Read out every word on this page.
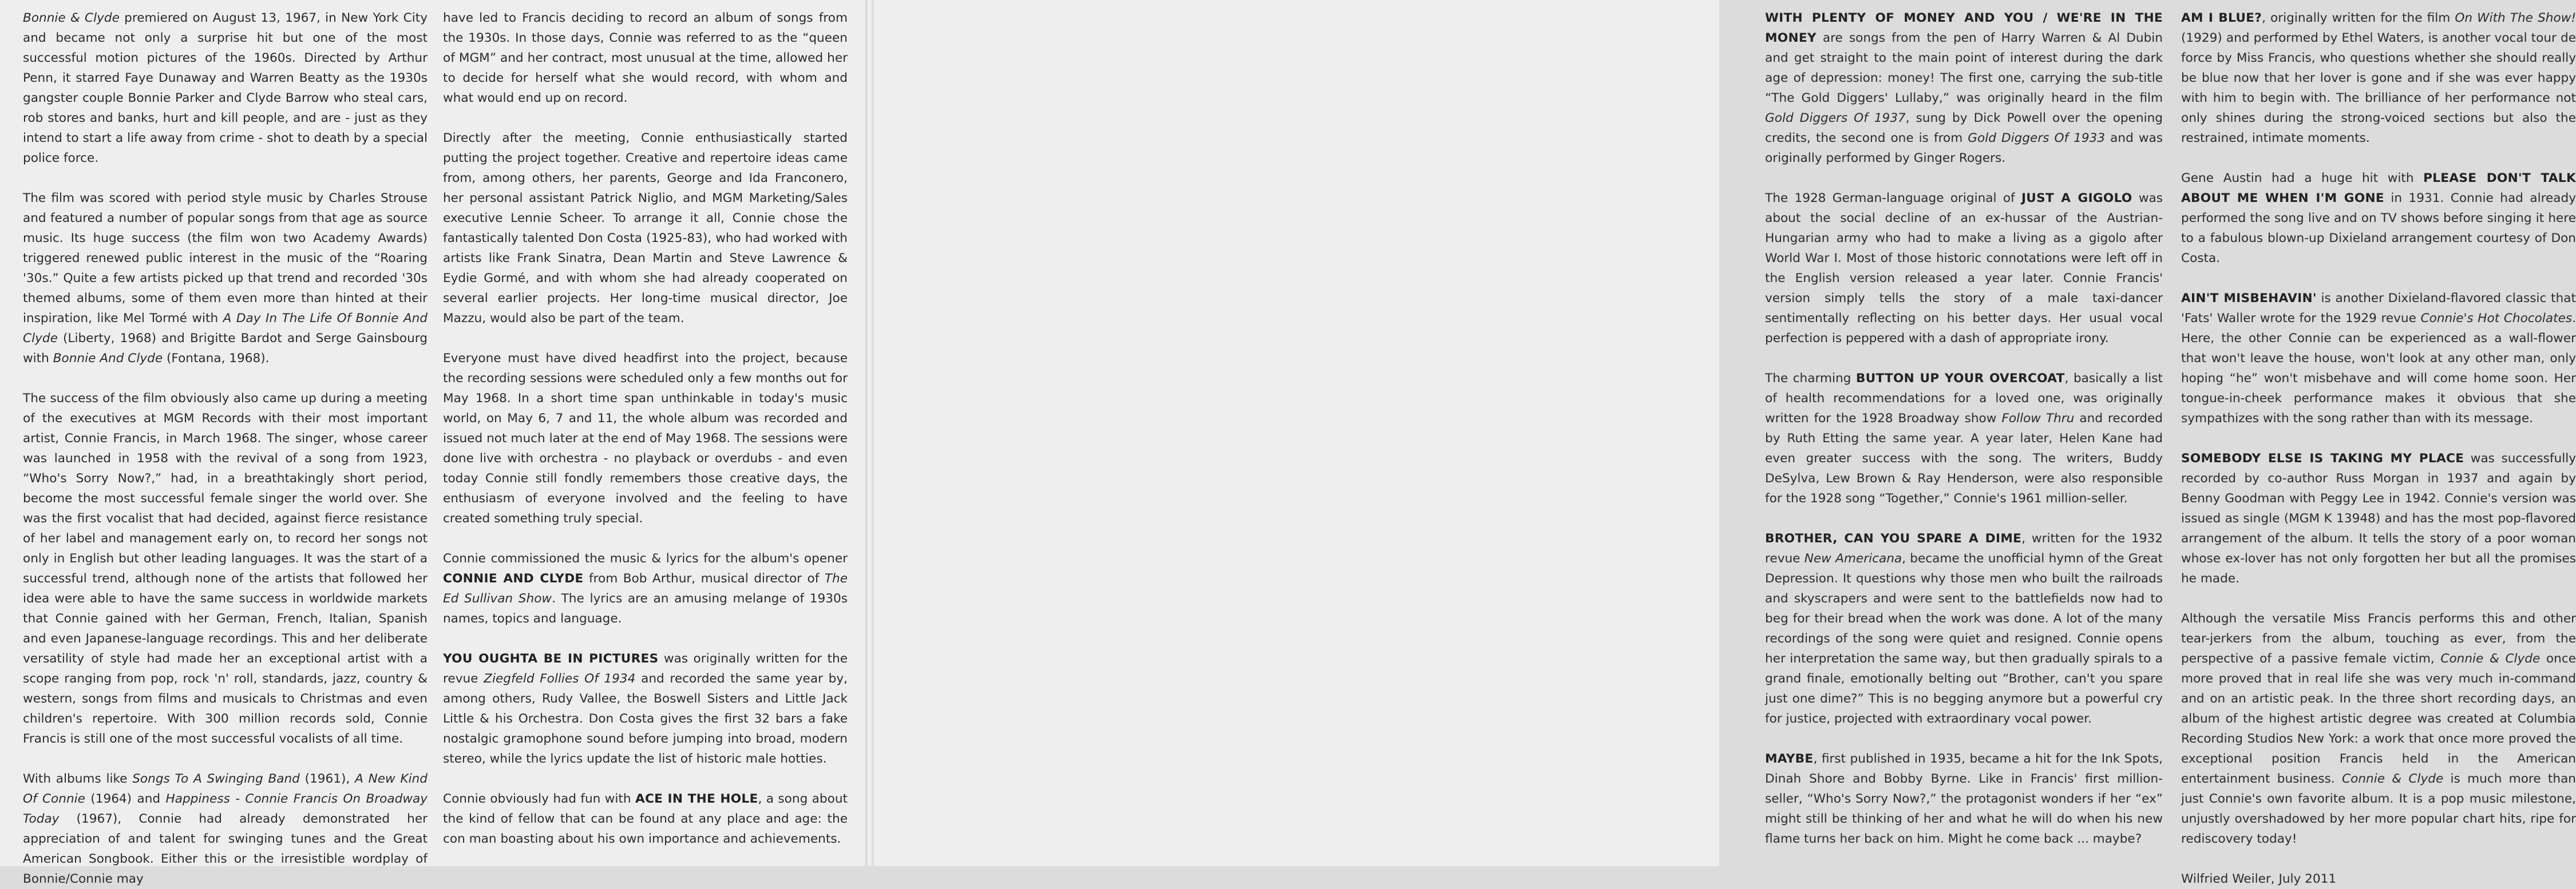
Bonnie & Clyde premiered on August 13, 1967, in New York City and became not only a surprise hit but one of the most successful motion pictures of the 1960s. Directed by Arthur Penn, it starred Faye Dunaway and Warren Beatty as the 1930s gangster couple Bonnie Parker and Clyde Barrow who steal cars, rob stores and banks, hurt and kill people, and are - just as they intend to start a life away from crime - shot to death by a special police force.

The film was scored with period style music by Charles Strouse and featured a number of popular songs from that age as source music. Its huge success (the film won two Academy Awards) triggered renewed public interest in the music of the “Roaring '30s.” Quite a few artists picked up that trend and recorded '30s themed albums, some of them even more than hinted at their inspiration, like Mel Tormé with A Day In The Life Of Bonnie And Clyde (Liberty, 1968) and Brigitte Bardot and Serge Gainsbourg with Bonnie And Clyde (Fontana, 1968).

The success of the film obviously also came up during a meeting of the executives at MGM Records with their most important artist, Connie Francis, in March 1968. The singer, whose career was launched in 1958 with the revival of a song from 1923, “Who's Sorry Now?,” had, in a breathtakingly short period, become the most successful female singer the world over. She was the first vocalist that had decided, against fierce resistance of her label and management early on, to record her songs not only in English but other leading languages. It was the start of a successful trend, although none of the artists that followed her idea were able to have the same success in worldwide markets that Connie gained with her German, French, Italian, Spanish and even Japanese-language recordings. This and her deliberate versatility of style had made her an exceptional artist with a scope ranging from pop, rock 'n' roll, standards, jazz, country & western, songs from films and musicals to Christmas and even children's repertoire. With 300 million records sold, Connie Francis is still one of the most successful vocalists of all time.

With albums like Songs To A Swinging Band (1961), A New Kind Of Connie (1964) and Happiness - Connie Francis On Broadway Today (1967), Connie had already demonstrated her appreciation of and talent for swinging tunes and the Great American Songbook. Either this or the irresistible wordplay of Bonnie/Connie may

have led to Francis deciding to record an album of songs from the 1930s. In those days, Connie was referred to as the “queen of MGM” and her contract, most unusual at the time, allowed her to decide for herself what she would record, with whom and what would end up on record.

Directly after the meeting, Connie enthusiastically started putting the project together. Creative and repertoire ideas came from, among others, her parents, George and Ida Franconero, her personal assistant Patrick Niglio, and MGM Marketing/Sales executive Lennie Scheer. To arrange it all, Connie chose the fantastically talented Don Costa (1925-83), who had worked with artists like Frank Sinatra, Dean Martin and Steve Lawrence & Eydie Gormé, and with whom she had already cooperated on several earlier projects. Her long-time musical director, Joe Mazzu, would also be part of the team.

Everyone must have dived headfirst into the project, because the recording sessions were scheduled only a few months out for May 1968. In a short time span unthinkable in today's music world, on May 6, 7 and 11, the whole album was recorded and issued not much later at the end of May 1968. The sessions were done live with orchestra - no playback or overdubs - and even today Connie still fondly remembers those creative days, the enthusiasm of everyone involved and the feeling to have created something truly special.

Connie commissioned the music & lyrics for the album's opener CONNIE AND CLYDE from Bob Arthur, musical director of The Ed Sullivan Show. The lyrics are an amusing melange of 1930s names, topics and language.

YOU OUGHTA BE IN PICTURES was originally written for the revue Ziegfeld Follies Of 1934 and recorded the same year by, among others, Rudy Vallee, the Boswell Sisters and Little Jack Little & his Orchestra. Don Costa gives the first 32 bars a fake nostalgic gramophone sound before jumping into broad, modern stereo, while the lyrics update the list of historic male hotties.

Connie obviously had fun with ACE IN THE HOLE, a song about the kind of fellow that can be found at any place and age: the con man boasting about his own importance and achievements.

WITH PLENTY OF MONEY AND YOU / WE'RE IN THE MONEY are songs from the pen of Harry Warren & Al Dubin and get straight to the main point of interest during the dark age of depression: money! The first one, carrying the sub-title “The Gold Diggers' Lullaby,” was originally heard in the film Gold Diggers Of 1937, sung by Dick Powell over the opening credits, the second one is from Gold Diggers Of 1933 and was originally performed by Ginger Rogers.

The 1928 German-language original of JUST A GIGOLO was about the social decline of an ex-hussar of the Austrian-Hungarian army who had to make a living as a gigolo after World War I. Most of those historic connotations were left off in the English version released a year later. Connie Francis' version simply tells the story of a male taxi-dancer sentimentally reflecting on his better days. Her usual vocal perfection is peppered with a dash of appropriate irony.

The charming BUTTON UP YOUR OVERCOAT, basically a list of health recommendations for a loved one, was originally written for the 1928 Broadway show Follow Thru and recorded by Ruth Etting the same year. A year later, Helen Kane had even greater success with the song. The writers, Buddy DeSylva, Lew Brown & Ray Henderson, were also responsible for the 1928 song “Together,” Connie's 1961 million-seller.

BROTHER, CAN YOU SPARE A DIME, written for the 1932 revue New Americana, became the unofficial hymn of the Great Depression. It questions why those men who built the railroads and skyscrapers and were sent to the battlefields now had to beg for their bread when the work was done. A lot of the many recordings of the song were quiet and resigned. Connie opens her interpretation the same way, but then gradually spirals to a grand finale, emotionally belting out “Brother, can't you spare just one dime?” This is no begging anymore but a powerful cry for justice, projected with extraordinary vocal power.

MAYBE, first published in 1935, became a hit for the Ink Spots, Dinah Shore and Bobby Byrne. Like in Francis' first million-seller, “Who's Sorry Now?,” the protagonist wonders if her “ex” might still be thinking of her and what he will do when his new flame turns her back on him. Might he come back ... maybe?

AM I BLUE?, originally written for the film On With The Show! (1929) and performed by Ethel Waters, is another vocal tour de force by Miss Francis, who questions whether she should really be blue now that her lover is gone and if she was ever happy with him to begin with. The brilliance of her performance not only shines during the strong-voiced sections but also the restrained, intimate moments.

Gene Austin had a huge hit with PLEASE DON'T TALK ABOUT ME WHEN I'M GONE in 1931. Connie had already performed the song live and on TV shows before singing it here to a fabulous blown-up Dixieland arrangement courtesy of Don Costa.

AIN'T MISBEHAVIN' is another Dixieland-flavored classic that 'Fats' Waller wrote for the 1929 revue Connie's Hot Chocolates. Here, the other Connie can be experienced as a wall-flower that won't leave the house, won't look at any other man, only hoping “he” won't misbehave and will come home soon. Her tongue-in-cheek performance makes it obvious that she sympathizes with the song rather than with its message.

SOMEBODY ELSE IS TAKING MY PLACE was successfully recorded by co-author Russ Morgan in 1937 and again by Benny Goodman with Peggy Lee in 1942. Connie's version was issued as single (MGM K 13948) and has the most pop-flavored arrangement of the album. It tells the story of a poor woman whose ex-lover has not only forgotten her but all the promises he made.

Although the versatile Miss Francis performs this and other tear-jerkers from the album, touching as ever, from the perspective of a passive female victim, Connie & Clyde once more proved that in real life she was very much in-command and on an artistic peak. In the three short recording days, an album of the highest artistic degree was created at Columbia Recording Studios New York: a work that once more proved the exceptional position Francis held in the American entertainment business. Connie & Clyde is much more than just Connie's own favorite album. It is a pop music milestone, unjustly overshadowed by her more popular chart hits, ripe for rediscovery today!

Wilfried Weiler, July 2011
